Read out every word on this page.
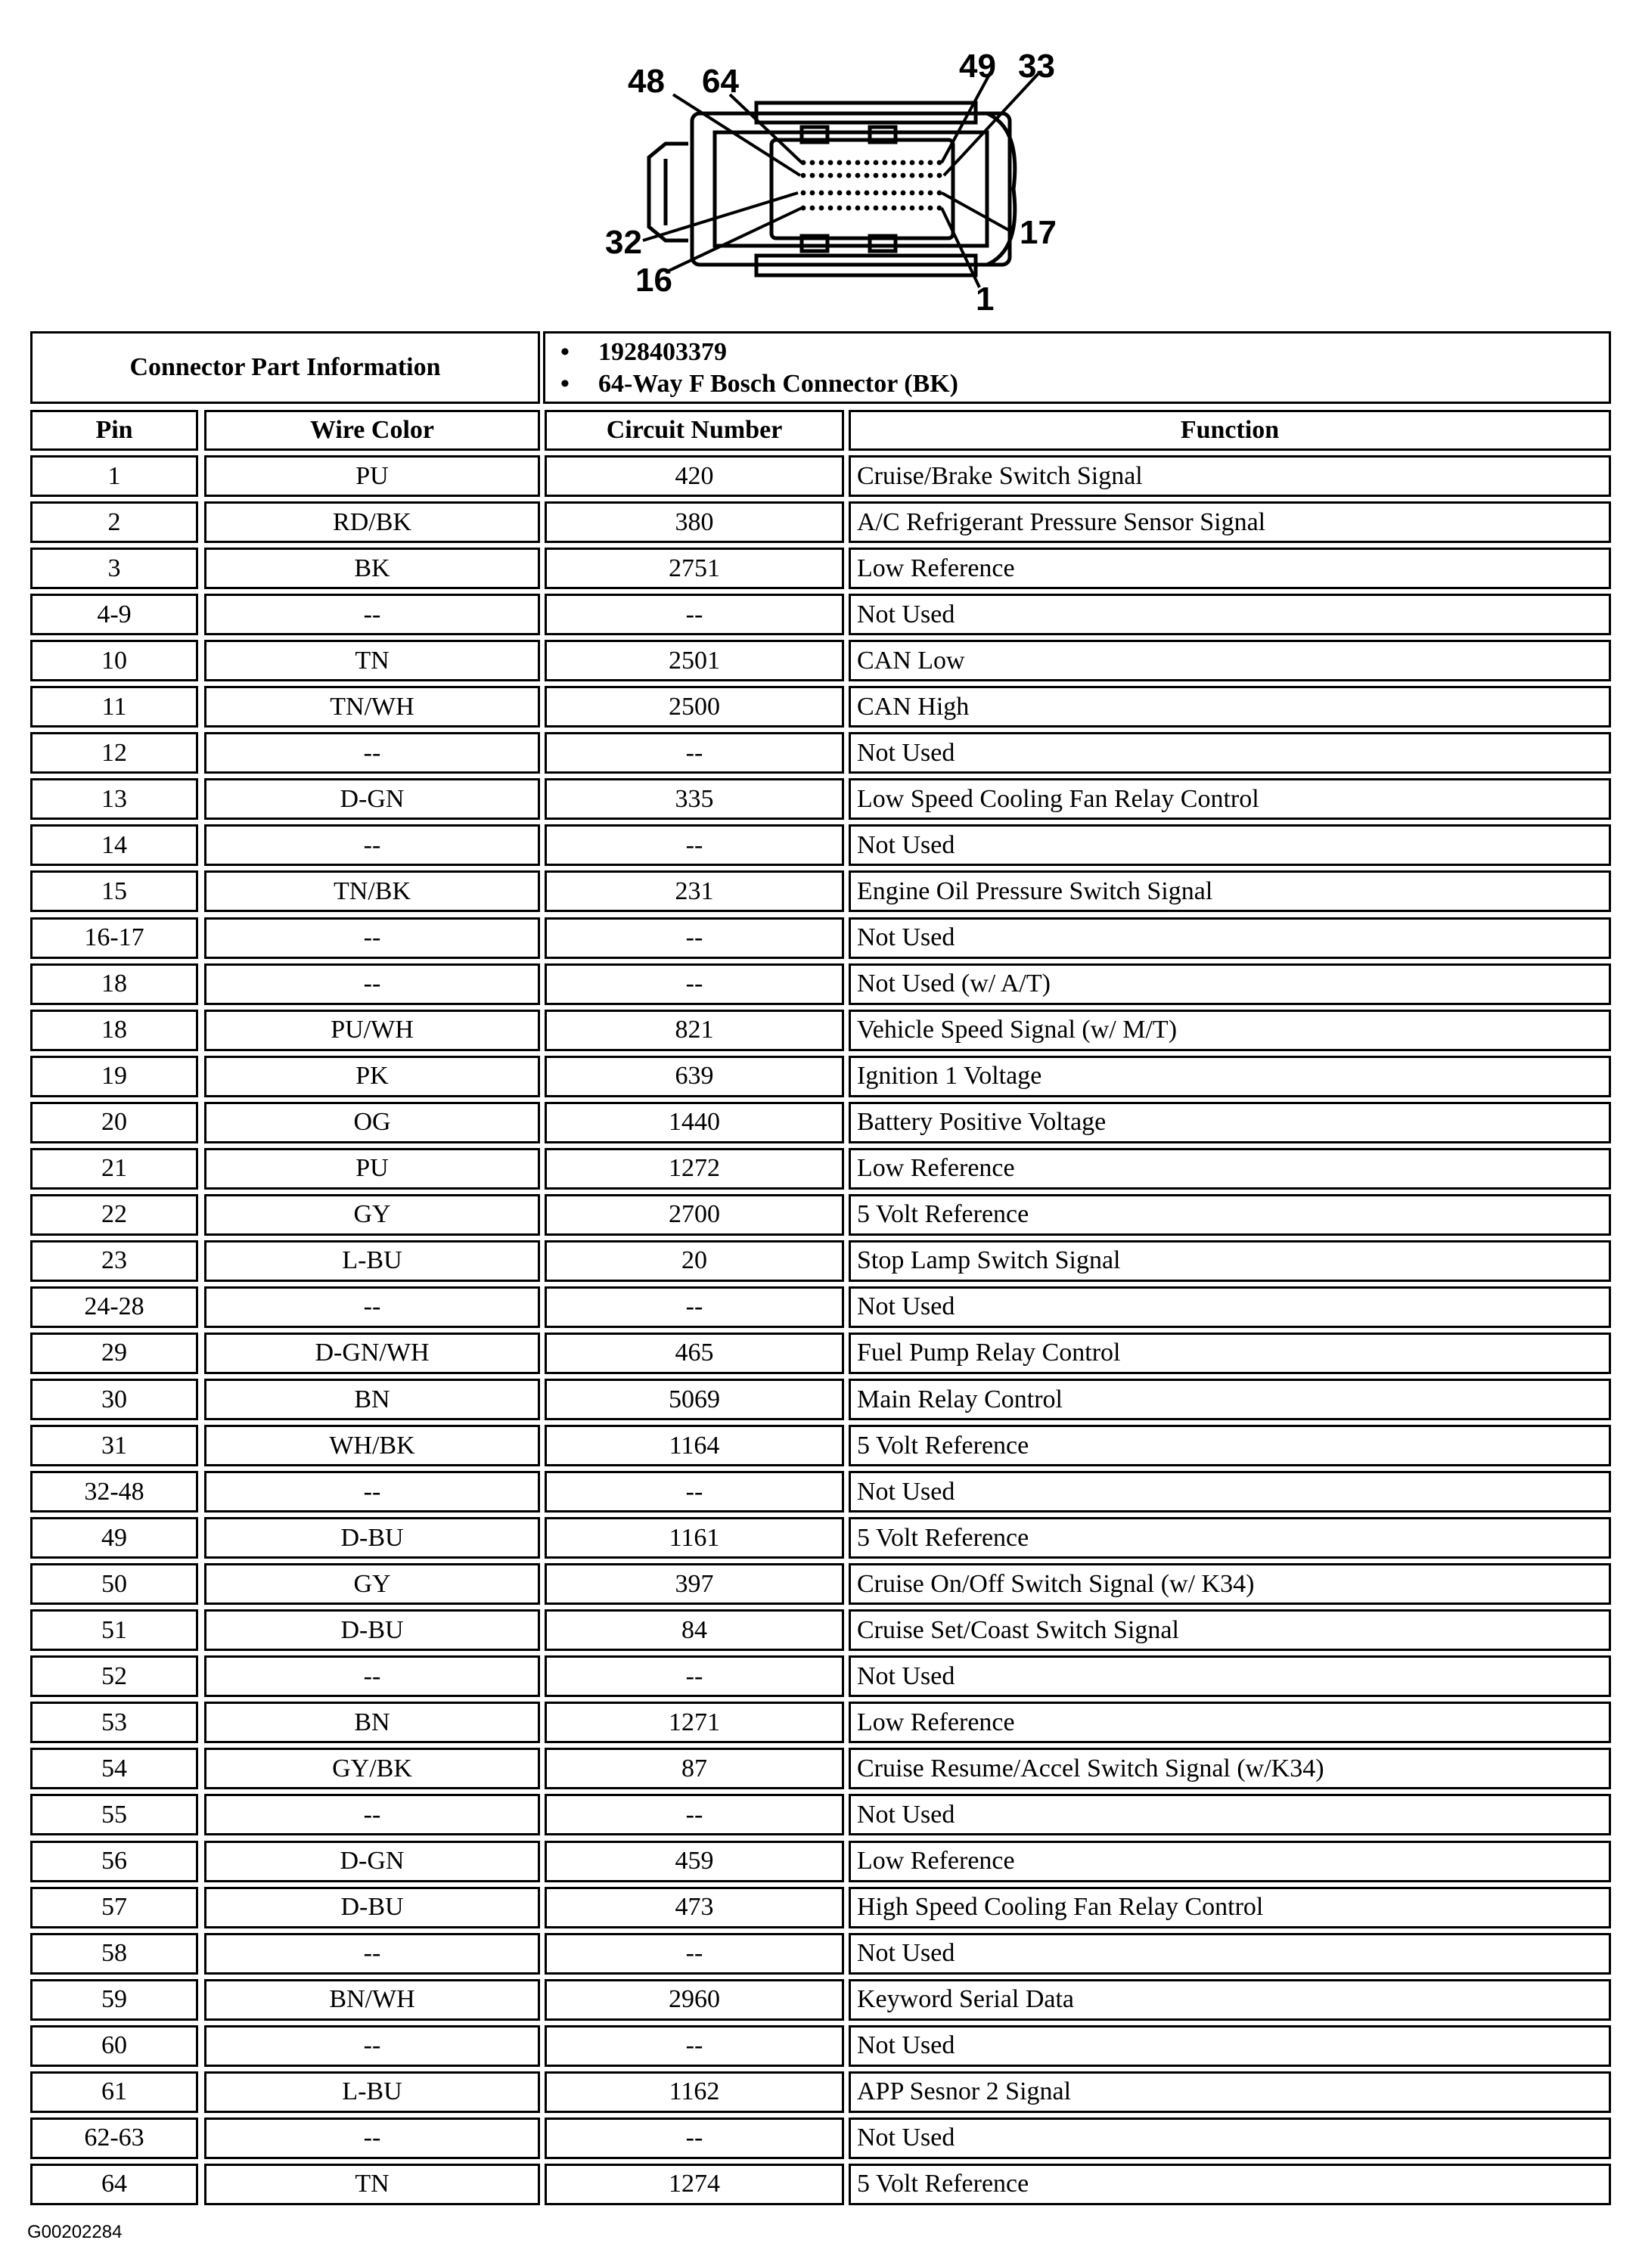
48 64	49 33
32
16
17
1
Connector Part Information
• 1928403379
• 64-Way F Bosch Connector (BK)
Pin	Wire Color	Circuit Number	Function
1	PU	420	Cruise/Brake Switch Signal
2	RD/BK	380	A/C Refrigerant Pressure Sensor Signal
3	BK	2751	Low Reference
4-9	--	--	Not Used
10	TN	2501	CAN Low
11	TN/WH	2500	CAN High
12	--	--	Not Used
13	D-GN	335	Low Speed Cooling Fan Relay Control
14	--	--	Not Used
15	TN/BK	231	Engine Oil Pressure Switch Signal
16-17	--	--	Not Used
18	--	--	Not Used (w/ A/T)
18	PU/WH	821	Vehicle Speed Signal (w/ M/T)
19	PK	639	Ignition 1 Voltage
20	OG	1440	Battery Positive Voltage
21	PU	1272	Low Reference
22	GY	2700	5 Volt Reference
23	L-BU	20	Stop Lamp Switch Signal
24-28	--	--	Not Used
29	D-GN/WH	465	Fuel Pump Relay Control
30	BN	5069	Main Relay Control
31	WH/BK	1164	5 Volt Reference
32-48	--	--	Not Used
49	D-BU	1161	5 Volt Reference
50	GY	397	Cruise On/Off Switch Signal (w/ K34)
51	D-BU	84	Cruise Set/Coast Switch Signal
52	--	--	Not Used
53	BN	1271	Low Reference
54	GY/BK	87	Cruise Resume/Accel Switch Signal (w/K34)
55	--	--	Not Used
56	D-GN	459	Low Reference
57	D-BU	473	High Speed Cooling Fan Relay Control
58	--	--	Not Used
59	BN/WH	2960	Keyword Serial Data
60	--	--	Not Used
61	L-BU	1162	APP Sesnor 2 Signal
62-63	--	--	Not Used
64	TN	1274	5 Volt Reference
G00202284
